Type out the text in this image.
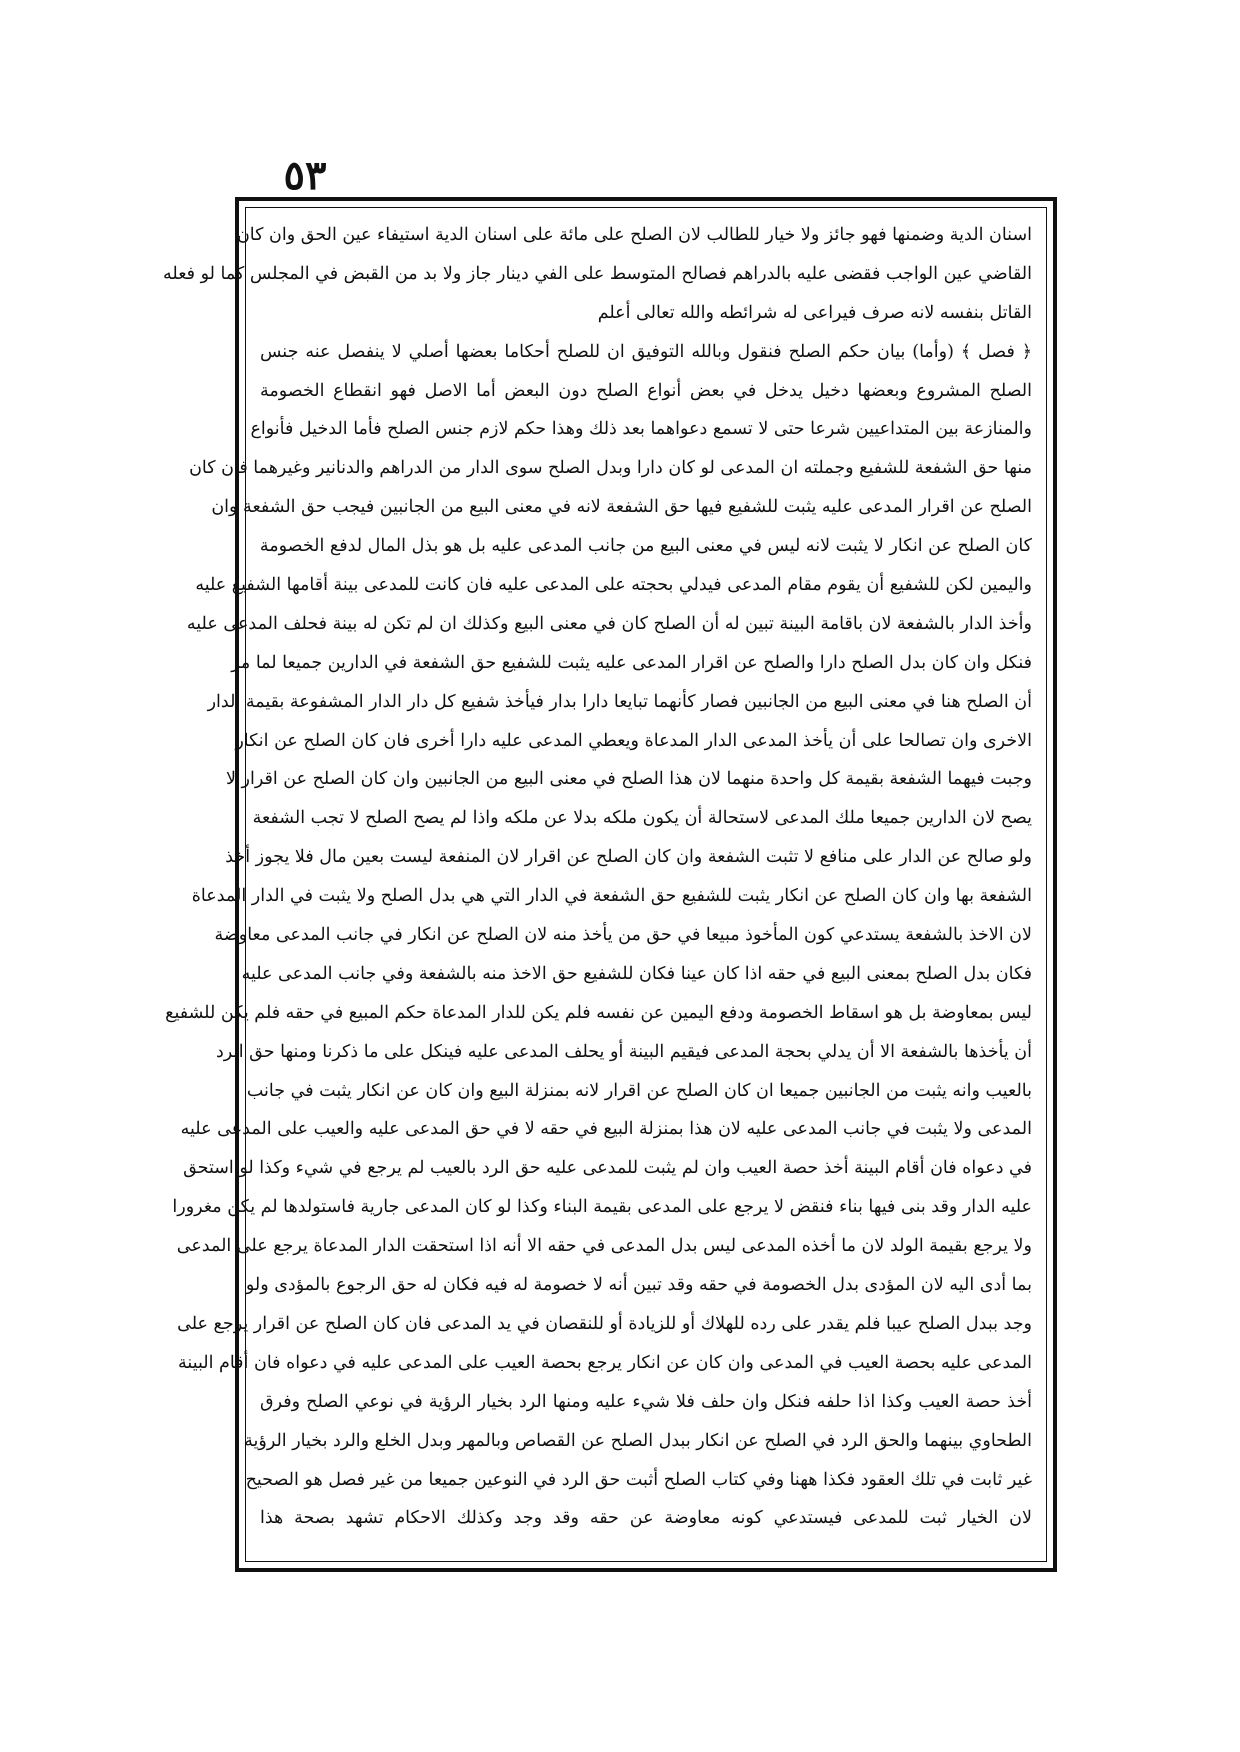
٥٣
اسنان الدية وضمنها فهو جائز ولا خيار للطالب لان الصلح على مائة على اسنان الدية استيفاء عين الحق وان كان
القاضي عين الواجب فقضى عليه بالدراهم فصالح المتوسط على الفي دينار جاز ولا بد من القبض في المجلس كما لو فعله
القاتل بنفسه لانه صرف فيراعى له شرائطه والله تعالى أعلم
﴿ فصل ﴾ (وأما) بيان حكم الصلح فنقول وبالله التوفيق ان للصلح أحكاما بعضها أصلي لا ينفصل عنه جنس
الصلح المشروع وبعضها دخيل يدخل في بعض أنواع الصلح دون البعض أما الاصل فهو انقطاع الخصومة
والمنازعة بين المتداعيين شرعا حتى لا تسمع دعواهما بعد ذلك وهذا حكم لازم جنس الصلح فأما الدخيل فأنواع
منها حق الشفعة للشفيع وجملته ان المدعى لو كان دارا وبدل الصلح سوى الدار من الدراهم والدنانير وغيرهما فان كان
الصلح عن اقرار المدعى عليه يثبت للشفيع فيها حق الشفعة لانه في معنى البيع من الجانبين فيجب حق الشفعة وان
كان الصلح عن انكار لا يثبت لانه ليس في معنى البيع من جانب المدعى عليه بل هو بذل المال لدفع الخصومة
واليمين لكن للشفيع أن يقوم مقام المدعى فيدلي بحجته على المدعى عليه فان كانت للمدعى بينة أقامها الشفيع عليه
وأخذ الدار بالشفعة لان باقامة البينة تبين له أن الصلح كان في معنى البيع وكذلك ان لم تكن له بينة فحلف المدعى عليه
فنكل وان كان بدل الصلح دارا والصلح عن اقرار المدعى عليه يثبت للشفيع حق الشفعة في الدارين جميعا لما مر
أن الصلح هنا في معنى البيع من الجانبين فصار كأنهما تبايعا دارا بدار فيأخذ شفيع كل دار الدار المشفوعة بقيمة الدار
الاخرى وان تصالحا على أن يأخذ المدعى الدار المدعاة ويعطي المدعى عليه دارا أخرى فان كان الصلح عن انكار
وجبت فيهما الشفعة بقيمة كل واحدة منهما لان هذا الصلح في معنى البيع من الجانبين وان كان الصلح عن اقرار لا
يصح لان الدارين جميعا ملك المدعى لاستحالة أن يكون ملكه بدلا عن ملكه واذا لم يصح الصلح لا تجب الشفعة
ولو صالح عن الدار على منافع لا تثبت الشفعة وان كان الصلح عن اقرار لان المنفعة ليست بعين مال فلا يجوز أخذ
الشفعة بها وان كان الصلح عن انكار يثبت للشفيع حق الشفعة في الدار التي هي بدل الصلح ولا يثبت في الدار المدعاة
لان الاخذ بالشفعة يستدعي كون المأخوذ مبيعا في حق من يأخذ منه لان الصلح عن انكار في جانب المدعى معاوضة
فكان بدل الصلح بمعنى البيع في حقه اذا كان عينا فكان للشفيع حق الاخذ منه بالشفعة وفي جانب المدعى عليه
ليس بمعاوضة بل هو اسقاط الخصومة ودفع اليمين عن نفسه فلم يكن للدار المدعاة حكم المبيع في حقه فلم يكن للشفيع
أن يأخذها بالشفعة الا أن يدلي بحجة المدعى فيقيم البينة أو يحلف المدعى عليه فينكل على ما ذكرنا ومنها حق الرد
بالعيب وانه يثبت من الجانبين جميعا ان كان الصلح عن اقرار لانه بمنزلة البيع وان كان عن انكار يثبت في جانب
المدعى ولا يثبت في جانب المدعى عليه لان هذا بمنزلة البيع في حقه لا في حق المدعى عليه والعيب على المدعى عليه
في دعواه فان أقام البينة أخذ حصة العيب وان لم يثبت للمدعى عليه حق الرد بالعيب لم يرجع في شيء وكذا لو استحق
عليه الدار وقد بنى فيها بناء فنقض لا يرجع على المدعى بقيمة البناء وكذا لو كان المدعى جارية فاستولدها لم يكن مغرورا
ولا يرجع بقيمة الولد لان ما أخذه المدعى ليس بدل المدعى في حقه الا أنه اذا استحقت الدار المدعاة يرجع على المدعى
بما أدى اليه لان المؤدى بدل الخصومة في حقه وقد تبين أنه لا خصومة له فيه فكان له حق الرجوع بالمؤدى ولو
وجد ببدل الصلح عيبا فلم يقدر على رده للهلاك أو للزيادة أو للنقصان في يد المدعى فان كان الصلح عن اقرار يرجع على
المدعى عليه بحصة العيب في المدعى وان كان عن انكار يرجع بحصة العيب على المدعى عليه في دعواه فان أقام البينة
أخذ حصة العيب وكذا اذا حلفه فنكل وان حلف فلا شيء عليه ومنها الرد بخيار الرؤية في نوعي الصلح وفرق
الطحاوي بينهما والحق الرد في الصلح عن انكار ببدل الصلح عن القصاص وبالمهر وبدل الخلع والرد بخيار الرؤية
غير ثابت في تلك العقود فكذا ههنا وفي كتاب الصلح أثبت حق الرد في النوعين جميعا من غير فصل هو الصحيح
لان الخيار ثبت للمدعى فيستدعي كونه معاوضة عن حقه وقد وجد وكذلك الاحكام تشهد بصحة هذا
